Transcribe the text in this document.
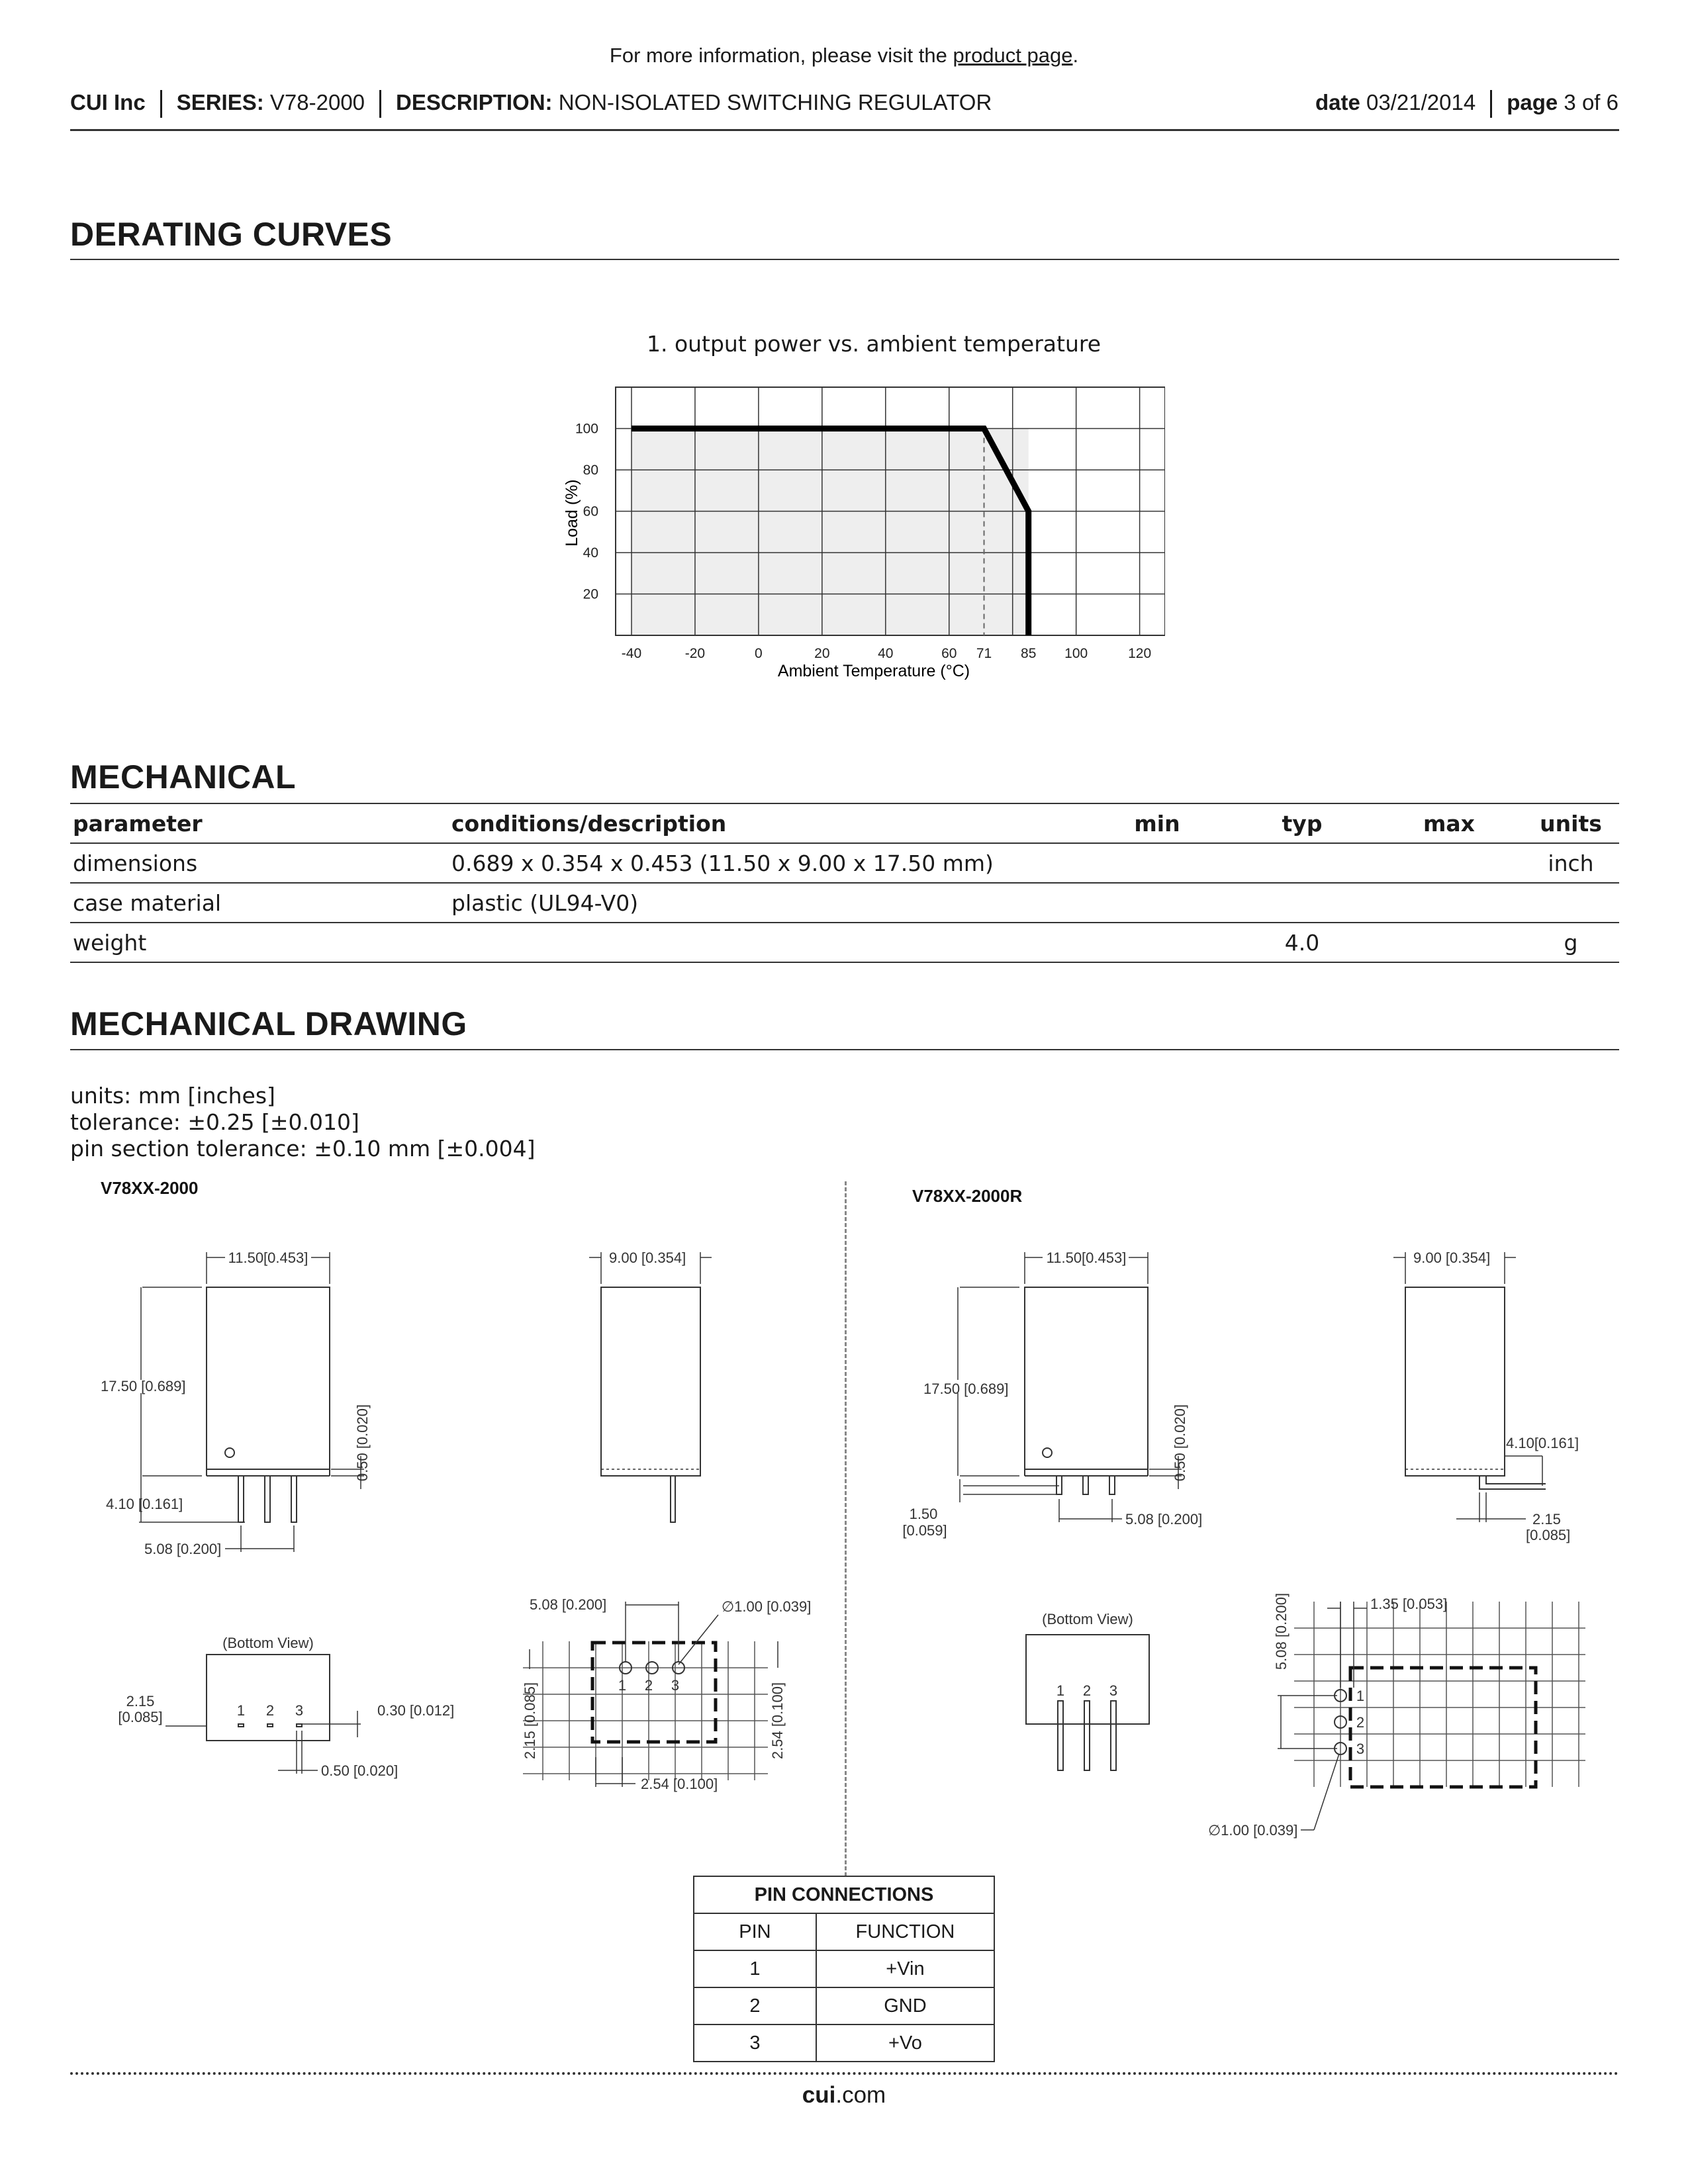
For more information, please visit the product page.
CUI Inc SERIES: V78-2000 DESCRIPTION: NON-ISOLATED SWITCHING REGULATOR	date 03/21/2014 page 3 of 6
DERATING CURVES
1. output power vs. ambient temperature
-40	-20	0	20	40	60 71 85 100	120
20
40
60
80
100
Ambient Temperature (°C)
Load (%)
MECHANICAL
parameter	conditions/description	min	typ	max	units
dimensions	0.689 x 0.354 x 0.453 (11.50 x 9.00 x 17.50 mm)				inch
case material	plastic (UL94-V0)				
weight			4.0		g
MECHANICAL DRAWING
units: mm [inches]
tolerance: ±0.25 [±0.010]
pin section tolerance: ±0.10 mm [±0.004]
V78XX-2000
11.50[0.453]
17.50 [0.689]
0.50 [0.020]
4.10 [0.161]
5.08 [0.200]
9.00 [0.354]
(Bottom View)
1 2 3
2.15
[0.085]	0.30 [0.012]
0.50 [0.020]
1 2 3
5.08 [0.200]	∅1.00 [0.039]
2.15 [0.085]	2.54 [0.100]
2.54 [0.100]
V78XX-2000R
11.50[0.453]
17.50 [0.689]
0.50 [0.020]
1.50
[0.059]
5.08 [0.200]
4.10[0.161]
2.15
[0.085]
9.00 [0.354]
(Bottom View)
1 2 3	1
2
3
1.35 [0.053]
5.08 [0.200]
∅1.00 [0.039]
PIN CONNECTIONS	
PIN	FUNCTION
1	+Vin
2	GND
3	+Vo
cui.com
